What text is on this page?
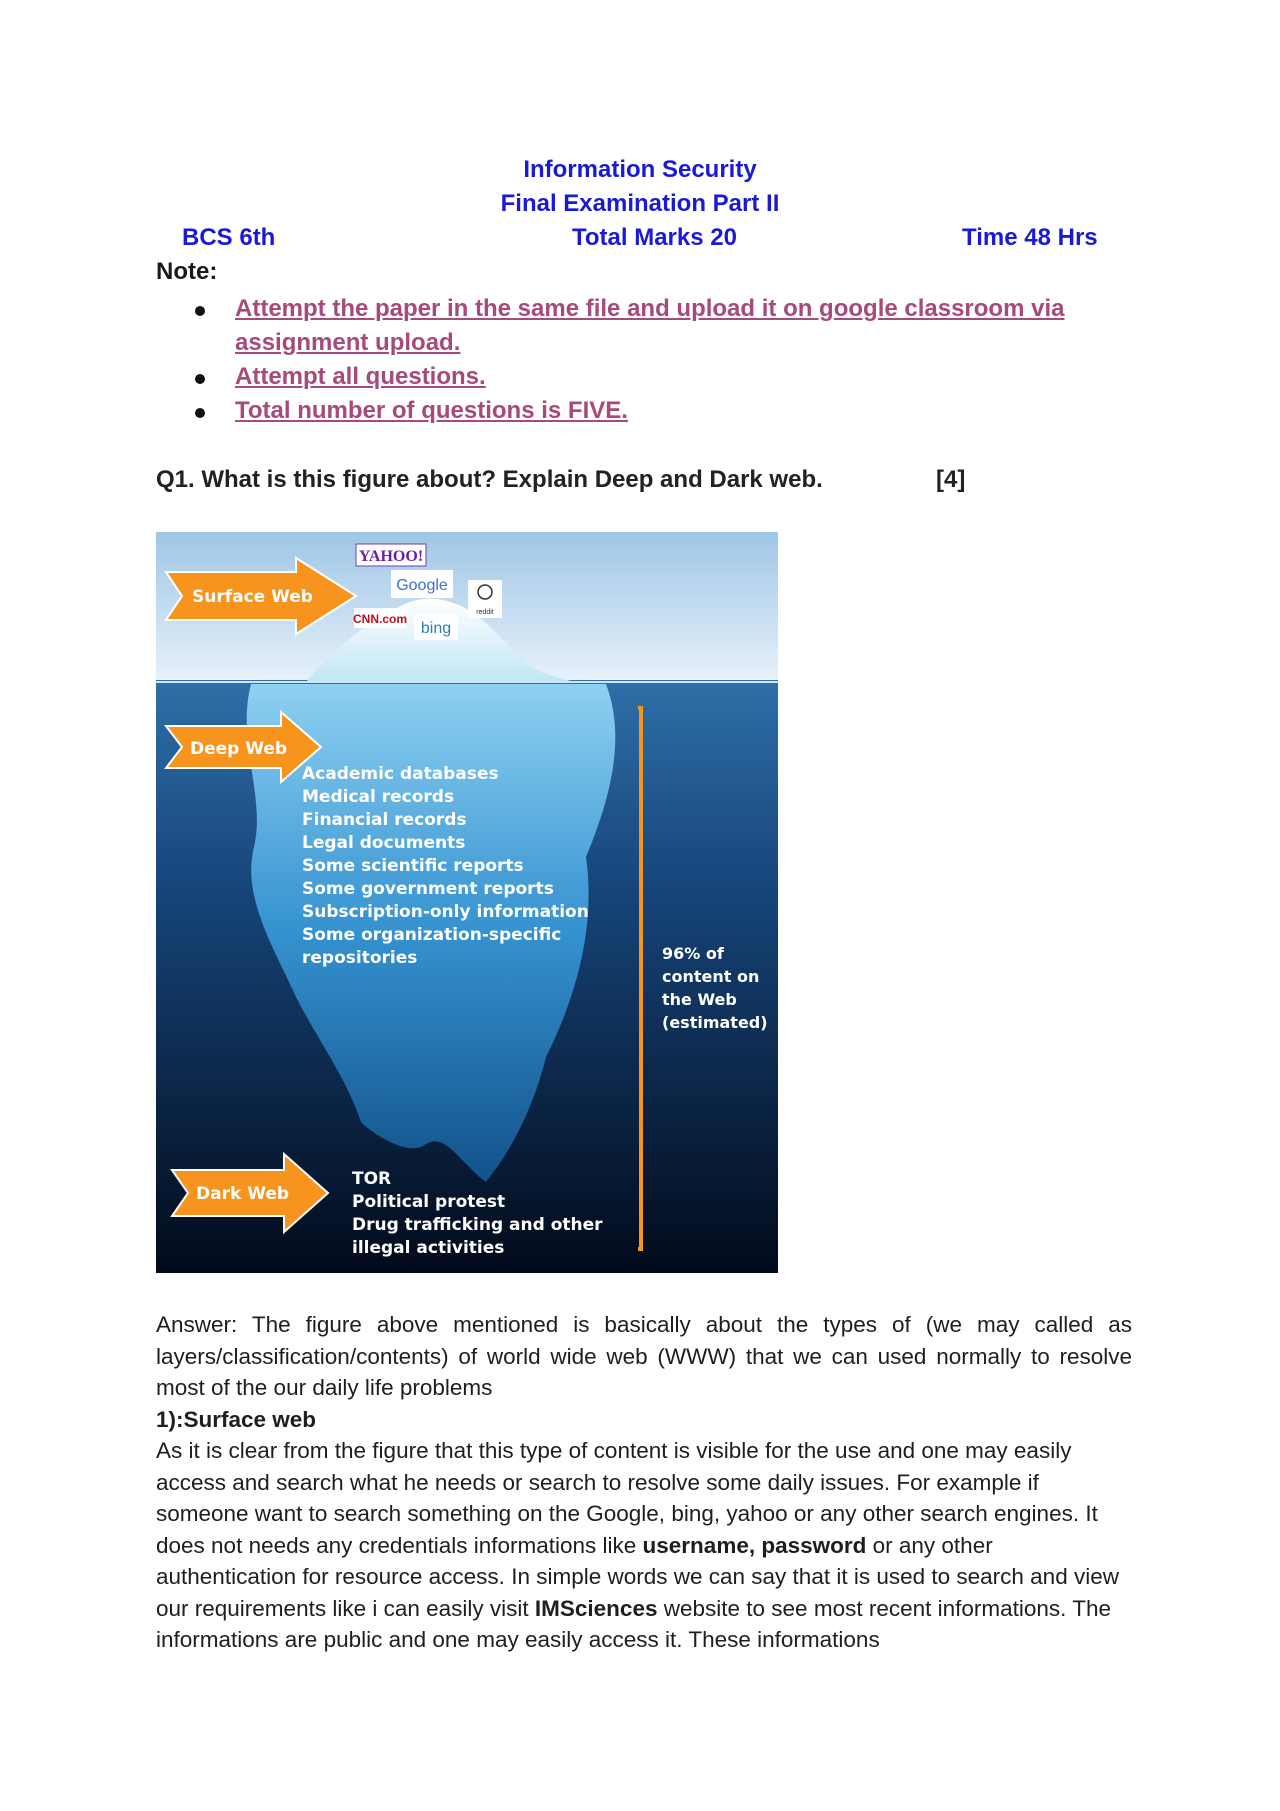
Information Security
Final Examination Part II
BCS 6th	Total Marks 20	Time 48 Hrs
Note:
Attempt the paper in the same file and upload it on google classroom via assignment upload.
Attempt all questions.
Total number of questions is FIVE.
Q1. What is this figure about? Explain Deep and Dark web.	[4]
YAHOO!
Google
CNN.com
bing
reddit
Surface Web
Deep Web
Dark Web
Academic databases
Medical records
Financial records
Legal documents
Some scientific reports
Some government reports
Subscription-only information
Some organization-specific
repositories
TOR
Political protest
Drug trafficking and other
illegal activities
96% of
content on
the Web
(estimated)

Answer: The figure above mentioned is basically about the types of (we may called as layers/classification/contents) of world wide web (WWW) that we can used normally to resolve most of the our daily life problems

1):Surface web

As it is clear from the figure that this type of content is visible for the use and one may easily access and search what he needs or search to resolve some daily issues. For example if someone want to search something on the Google, bing, yahoo or any other search engines. It does not needs any credentials informations like username, password or any other authentication for resource access. In simple words we can say that it is used to search and view our requirements like i can easily visit IMSciences website to see most recent informations. The informations are public and one may easily access it. These informations
